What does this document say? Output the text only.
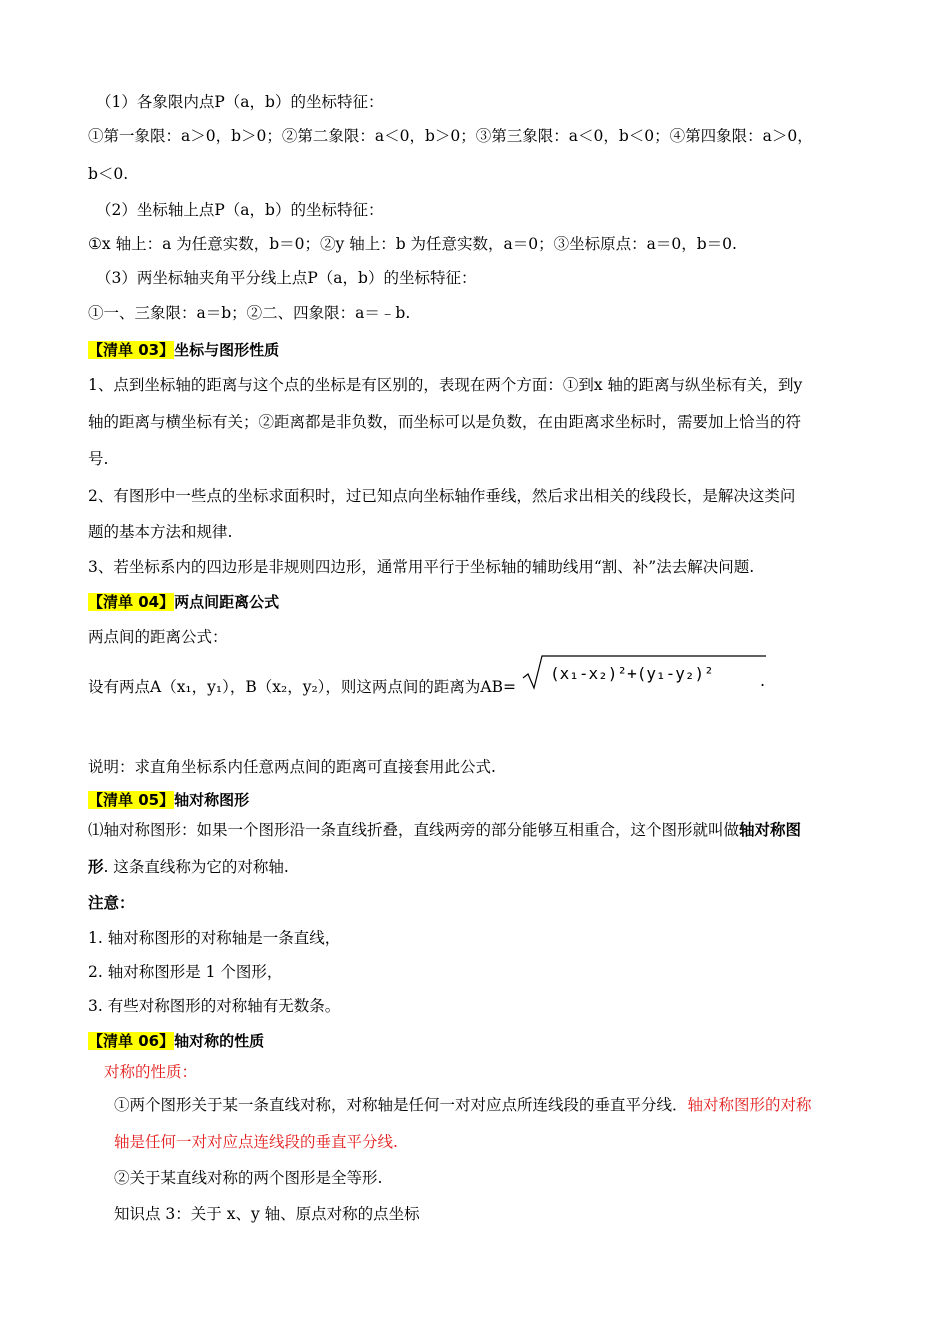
（1）各象限内点P（a，b）的坐标特征：
①第一象限：a＞0，b＞0；②第二象限：a＜0，b＞0；③第三象限：a＜0，b＜0；④第四象限：a＞0，
b＜0.
（2）坐标轴上点P（a，b）的坐标特征：
①x 轴上：a 为任意实数，b＝0；②y 轴上：b 为任意实数，a＝0；③坐标原点：a＝0，b＝0.
（3）两坐标轴夹角平分线上点P（a，b）的坐标特征：
①一、三象限：a＝b；②二、四象限：a＝﹣b.
【清单 03】坐标与图形性质
1、点到坐标轴的距离与这个点的坐标是有区别的，表现在两个方面：①到x 轴的距离与纵坐标有关，到y
轴的距离与横坐标有关；②距离都是非负数，而坐标可以是负数，在由距离求坐标时，需要加上恰当的符
号.
2、有图形中一些点的坐标求面积时，过已知点向坐标轴作垂线，然后求出相关的线段长，是解决这类问
题的基本方法和规律.
3、若坐标系内的四边形是非规则四边形，通常用平行于坐标轴的辅助线用“割、补”法去解决问题.
【清单 04】两点间距离公式
两点间的距离公式：
设有两点A（x₁，y₁），B（x₂，y₂），则这两点间的距离为AB=
(x₁-x₂)²+(y₁-y₂)²	.
说明：求直角坐标系内任意两点间的距离可直接套用此公式.
【清单 05】轴对称图形
⑴轴对称图形：如果一个图形沿一条直线折叠，直线两旁的部分能够互相重合，这个图形就叫做轴对称图
形. 这条直线称为它的对称轴.
注意：
1. 轴对称图形的对称轴是一条直线，
2. 轴对称图形是 1 个图形，
3. 有些对称图形的对称轴有无数条。
【清单 06】轴对称的性质
对称的性质：
①两个图形关于某一条直线对称，对称轴是任何一对对应点所连线段的垂直平分线．轴对称图形的对称
轴是任何一对对应点连线段的垂直平分线.
②关于某直线对称的两个图形是全等形.
知识点 3：关于 x、y 轴、原点对称的点坐标
